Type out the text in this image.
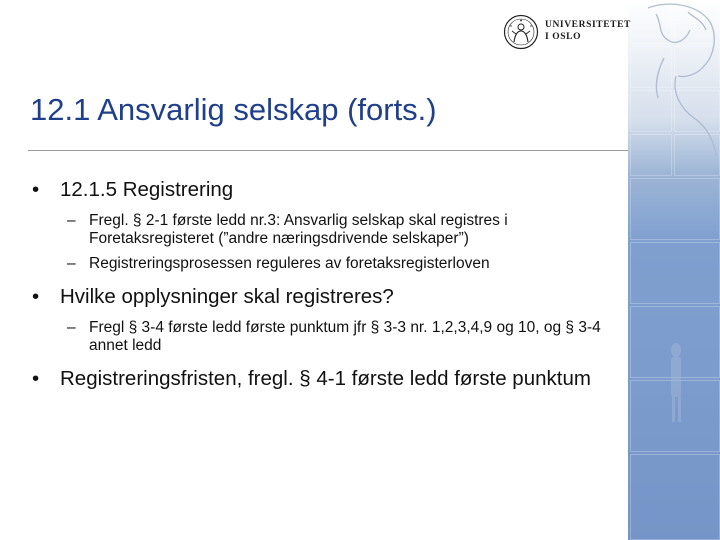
UNIVERSITETET
I OSLO
12.1 Ansvarlig selskap (forts.)
• 12.1.5 Registrering
– Fregl. § 2-1 første ledd nr.3: Ansvarlig selskap skal registres i Foretaksregisteret (”andre næringsdrivende selskaper”)
– Registreringsprosessen reguleres av foretaksregisterloven
• Hvilke opplysninger skal registreres?
– Fregl § 3-4 første ledd første punktum jfr § 3-3 nr. 1,2,3,4,9 og 10, og § 3-4 annet ledd
• Registreringsfristen, fregl. § 4-1 første ledd første punktum
